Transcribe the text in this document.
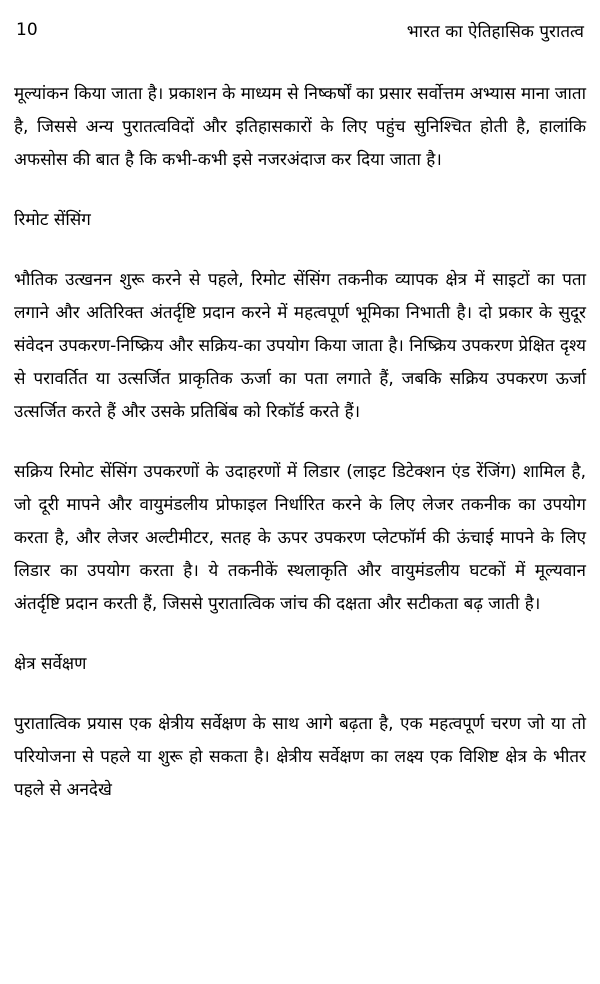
10	भारत का ऐतिहासिक पुरातत्व

मूल्यांकन किया जाता है। प्रकाशन के माध्यम से निष्कर्षों का प्रसार सर्वोत्तम अभ्यास माना जाता है, जिससे अन्य पुरातत्वविदों और इतिहासकारों के लिए पहुंच सुनिश्चित होती है, हालांकि अफसोस की बात है कि कभी-कभी इसे नजरअंदाज कर दिया जाता है।

रिमोट सेंसिंग

भौतिक उत्खनन शुरू करने से पहले, रिमोट सेंसिंग तकनीक व्यापक क्षेत्र में साइटों का पता लगाने और अतिरिक्त अंतर्दृष्टि प्रदान करने में महत्वपूर्ण भूमिका निभाती है। दो प्रकार के सुदूर संवेदन उपकरण-निष्क्रिय और सक्रिय-का उपयोग किया जाता है। निष्क्रिय उपकरण प्रेक्षित दृश्य से परावर्तित या उत्सर्जित प्राकृतिक ऊर्जा का पता लगाते हैं, जबकि सक्रिय उपकरण ऊर्जा उत्सर्जित करते हैं और उसके प्रतिबिंब को रिकॉर्ड करते हैं।

सक्रिय रिमोट सेंसिंग उपकरणों के उदाहरणों में लिडार (लाइट डिटेक्शन एंड रेंजिंग) शामिल है, जो दूरी मापने और वायुमंडलीय प्रोफाइल निर्धारित करने के लिए लेजर तकनीक का उपयोग करता है, और लेजर अल्टीमीटर, सतह के ऊपर उपकरण प्लेटफॉर्म की ऊंचाई मापने के लिए लिडार का उपयोग करता है। ये तकनीकें स्थलाकृति और वायुमंडलीय घटकों में मूल्यवान अंतर्दृष्टि प्रदान करती हैं, जिससे पुरातात्विक जांच की दक्षता और सटीकता बढ़ जाती है।

क्षेत्र सर्वेक्षण

पुरातात्विक प्रयास एक क्षेत्रीय सर्वेक्षण के साथ आगे बढ़ता है, एक महत्वपूर्ण चरण जो या तो परियोजना से पहले या शुरू हो सकता है। क्षेत्रीय सर्वेक्षण का लक्ष्य एक विशिष्ट क्षेत्र के भीतर पहले से अनदेखे
